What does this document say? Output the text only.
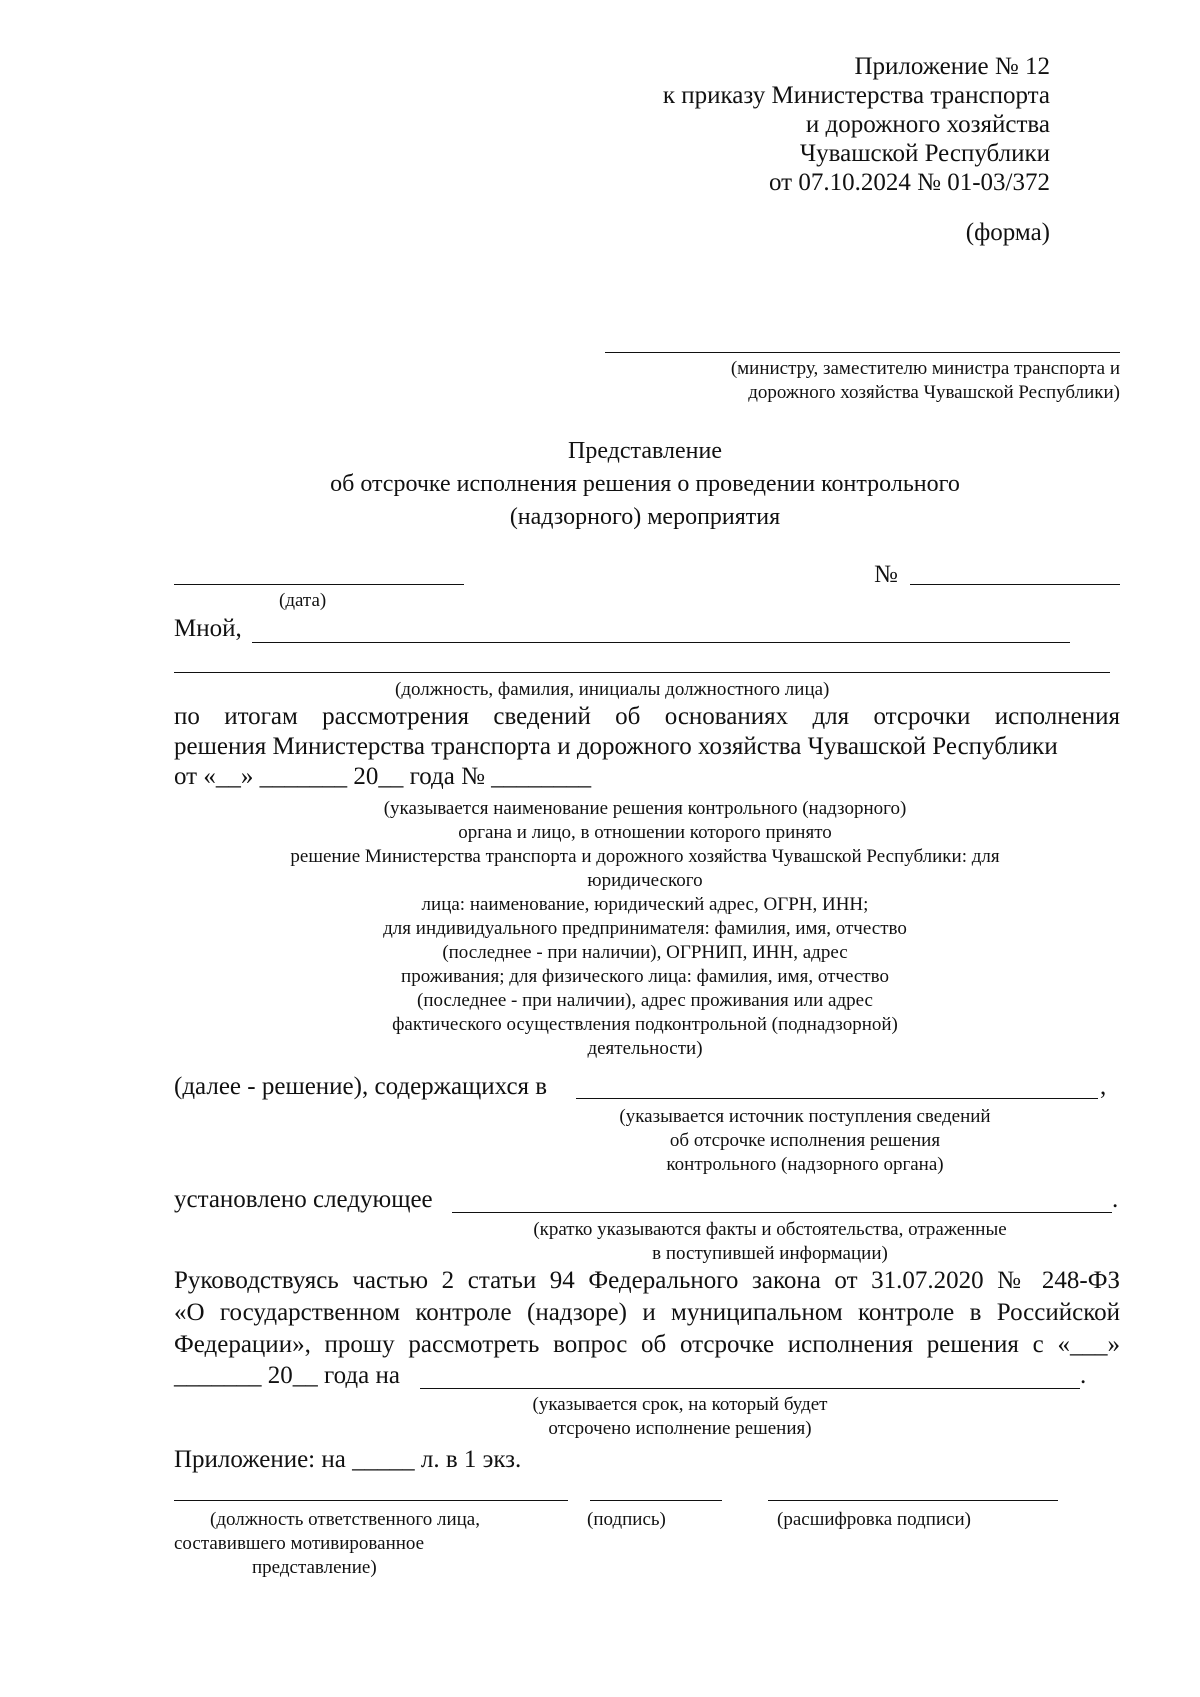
Приложение № 12
к приказу Министерства транспорта
и дорожного хозяйства
Чувашской Республики
от 07.10.2024 № 01-03/372
(форма)
(министру, заместителю министра транспорта и
дорожного хозяйства Чувашской Республики)
Представление
об отсрочке исполнения решения о проведении контрольного
(надзорного) мероприятия
(дата)
№
Мной,
(должность, фамилия, инициалы должностного лица)
по итогам рассмотрения сведений об основаниях для отсрочки исполнения
решения Министерства транспорта и дорожного хозяйства Чувашской Республики
от «__» _______ 20__ года № ________
(указывается наименование решения контрольного (надзорного)
органа и лицо, в отношении которого принято
решение Министерства транспорта и дорожного хозяйства Чувашской Республики: для
юридического
лица: наименование, юридический адрес, ОГРН, ИНН;
для индивидуального предпринимателя: фамилия, имя, отчество
(последнее - при наличии), ОГРНИП, ИНН, адрес
проживания; для физического лица: фамилия, имя, отчество
(последнее - при наличии), адрес проживания или адрес
фактического осуществления подконтрольной (поднадзорной)
деятельности)
(далее - решение), содержащихся в	,
(указывается источник поступления сведений
об отсрочке исполнения решения
контрольного (надзорного органа)
установлено следующее	.
(кратко указываются факты и обстоятельства, отраженные
в поступившей информации)
Руководствуясь частью 2 статьи 94 Федерального закона от 31.07.2020 № 248-ФЗ
«О государственном контроле (надзоре) и муниципальном контроле в Российской
Федерации», прошу рассмотреть вопрос об отсрочке исполнения решения с «___»
_______ 20__ года на	.
(указывается срок, на который будет
отсрочено исполнение решения)
Приложение: на _____ л. в 1 экз.
(должность ответственного лица,
составившего мотивированное
представление)
(подпись)	(расшифровка подписи)
